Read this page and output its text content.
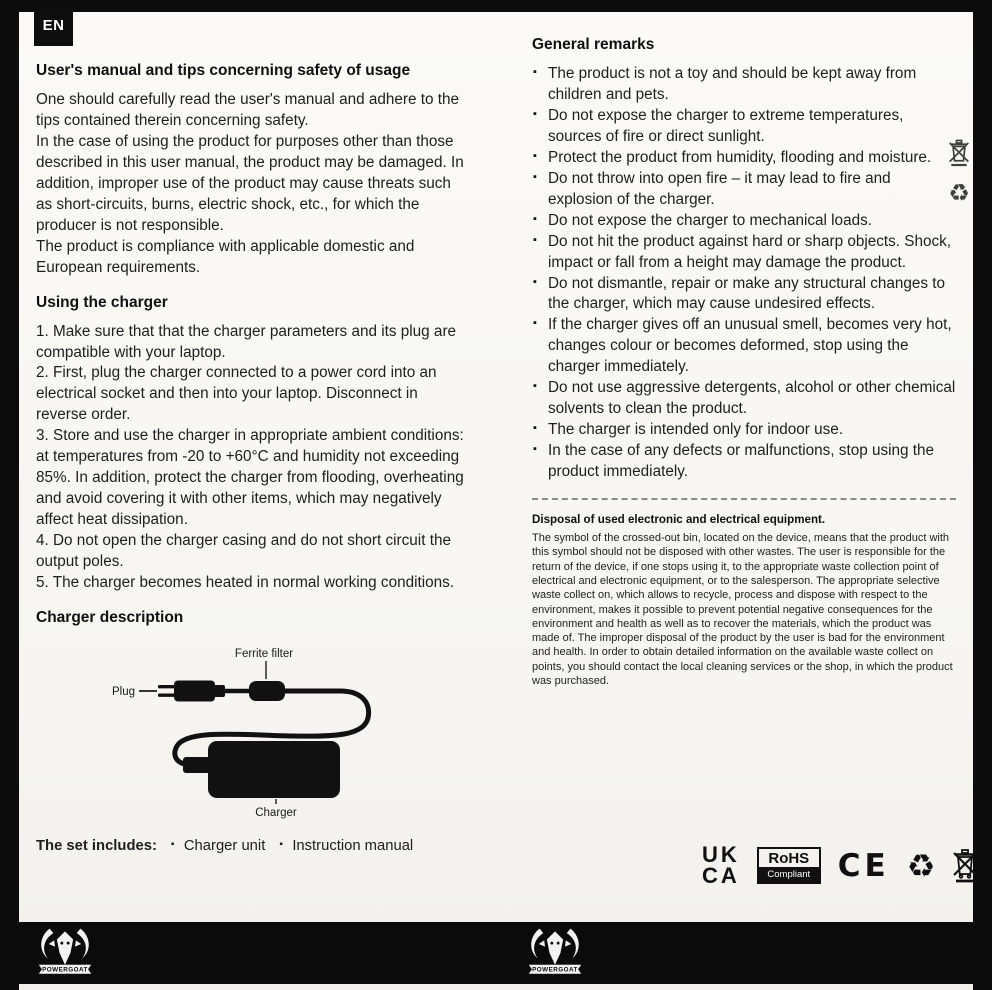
EN
User's manual and tips concerning safety of usage

One should carefully read the user's manual and adhere to the tips contained therein concerning safety.

In the case of using the product for purposes other than those described in this user manual, the product may be damaged. In addition, improper use of the product may cause threats such as short-circuits, burns, electric shock, etc., for which the producer is not responsible.

The product is compliance with applicable domestic and European requirements.

Using the charger

1. Make sure that that the charger parameters and its plug are compatible with your laptop.

2. First, plug the charger connected to a power cord into an electrical socket and then into your laptop. Disconnect in reverse order.

3. Store and use the charger in appropriate ambient conditions: at temperatures from -20 to +60°C and humidity not exceeding 85%. In addition, protect the charger from flooding, overheating and avoid covering it with other items, which may negatively affect heat dissipation.

4. Do not open the charger casing and do not short circuit the output poles.

5. The charger becomes heated in normal working conditions.

Charger description
Ferrite filter
Plug
Charger
The set includes:	▪ Charger unit	▪ Instruction manual
General remarks
▪ The product is not a toy and should be kept away from children and pets.
▪ Do not expose the charger to extreme temperatures, sources of fire or direct sunlight.
▪ Protect the product from humidity, flooding and moisture.
▪ Do not throw into open fire – it may lead to fire and explosion of the charger.
▪ Do not expose the charger to mechanical loads.
▪ Do not hit the product against hard or sharp objects. Shock, impact or fall from a height may damage the product.
▪ Do not dismantle, repair or make any structural changes to the charger, which may cause undesired effects.
▪ If the charger gives off an unusual smell, becomes very hot, changes colour or becomes deformed, stop using the charger immediately.
▪ Do not use aggressive detergents, alcohol or other chemical solvents to clean the product.
▪ The charger is intended only for indoor use.
▪ In the case of any defects or malfunctions, stop using the product immediately.
Disposal of used electronic and electrical equipment.

The symbol of the crossed-out bin, located on the device, means that the product with this symbol should not be disposed with other wastes. The user is responsible for the return of the device, if one stops using it, to the appropriate waste collection point of electrical and electronic equipment, or to the salesperson. The appropriate selective waste collect on, which allows to recycle, process and dispose with respect to the environment, makes it possible to prevent potential negative consequences for the environment and health as well as to recover the materials, which the product was made of. The improper disposal of the product by the user is bad for the environment and health. In order to obtain detailed information on the available waste collect on points, you should contact the local cleaning services or the shop, in which the product was purchased.

UK
CA
RoHS
Compliant CE ♻
♻
POWERGOAT	POWERGOAT
